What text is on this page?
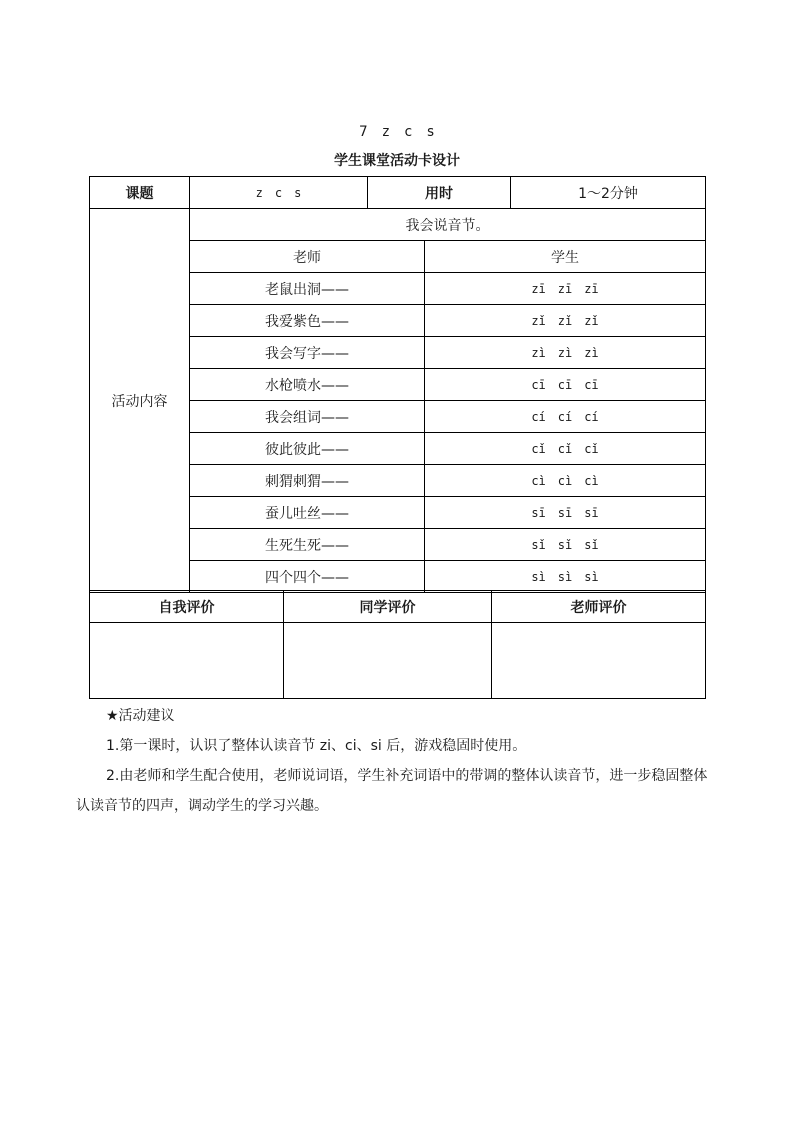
7　z　c　s
学生课堂活动卡设计
课题	z　c　s	用时		1～2分钟
活动内容	我会说音节。			
	老师		学生	
	老鼠出洞——		zī　zī　zī	
	我爱紫色——		zǐ　zǐ　zǐ	
	我会写字——		zì　zì　zì	
	水枪喷水——		cī　cī　cī	
	我会组词——		cí　cí　cí	
	彼此彼此——		cǐ　cǐ　cǐ	
	刺猬刺猬——		cì　cì　cì	
	蚕儿吐丝——		sī　sī　sī	
	生死生死——		sǐ　sǐ　sǐ	
	四个四个——		sì　sì　sì	
自我评价	同学评价	老师评价

★活动建议

1.第一课时，认识了整体认读音节 zi、ci、si 后，游戏稳固时使用。

2.由老师和学生配合使用，老师说词语，学生补充词语中的带调的整体认读音节，进一步稳固整体认读音节的四声，调动学生的学习兴趣。
